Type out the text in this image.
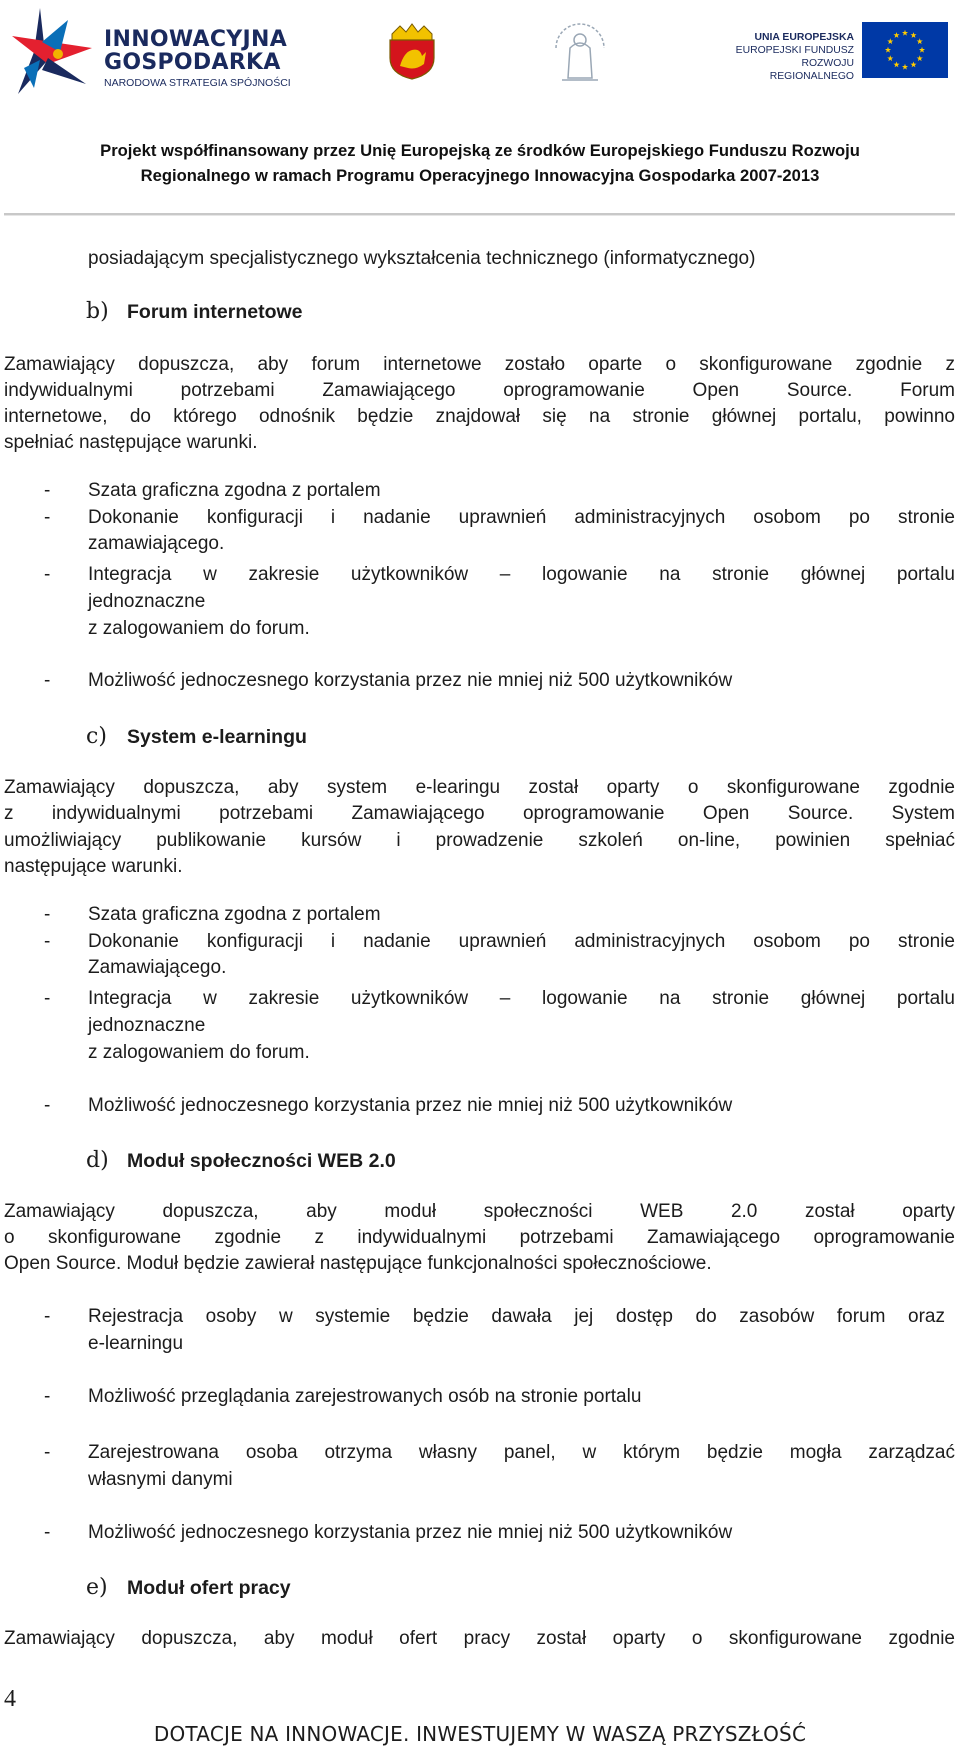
INNOWACYJNA
GOSPODARKA
NARODOWA STRATEGIA SPÓJNOŚCI
UNIA EUROPEJSKA
EUROPEJSKI FUNDUSZ
ROZWOJU REGIONALNEGO
Projekt współfinansowany przez Unię Europejską ze środków Europejskiego Funduszu Rozwoju
Regionalnego w ramach Programu Operacyjnego Innowacyjna Gospodarka 2007-2013
posiadającym specjalistycznego wykształcenia technicznego (informatycznego)
b) Forum internetowe
Zamawiający dopuszcza, aby forum internetowe zostało oparte o skonfigurowane zgodnie z
indywidualnymi potrzebami Zamawiającego oprogramowanie Open Source. Forum
internetowe, do którego odnośnik będzie znajdował się na stronie głównej portalu, powinno
spełniać następujące warunki.
- Szata graficzna zgodna z portalem
- Dokonanie konfiguracji i nadanie uprawnień administracyjnych osobom po stronie
zamawiającego.
- Integracja w zakresie użytkowników – logowanie na stronie głównej portalu
jednoznaczne
z zalogowaniem do forum.
- Możliwość jednoczesnego korzystania przez nie mniej niż 500 użytkowników
c) System e-learningu
Zamawiający dopuszcza, aby system e-learingu został oparty o skonfigurowane zgodnie
z indywidualnymi potrzebami Zamawiającego oprogramowanie Open Source. System
umożliwiający publikowanie kursów i prowadzenie szkoleń on-line, powinien spełniać
następujące warunki.
- Szata graficzna zgodna z portalem
- Dokonanie konfiguracji i nadanie uprawnień administracyjnych osobom po stronie
Zamawiającego.
- Integracja w zakresie użytkowników – logowanie na stronie głównej portalu
jednoznaczne
z zalogowaniem do forum.
- Możliwość jednoczesnego korzystania przez nie mniej niż 500 użytkowników
d) Moduł społeczności WEB 2.0
Zamawiający dopuszcza, aby moduł społeczności WEB 2.0 został oparty
o skonfigurowane zgodnie z indywidualnymi potrzebami Zamawiającego oprogramowanie
Open Source. Moduł będzie zawierał następujące funkcjonalności społecznościowe.
- Rejestracja osoby w systemie będzie dawała jej dostęp do zasobów forum oraz
e-learningu
- Możliwość przeglądania zarejestrowanych osób na stronie portalu
- Zarejestrowana osoba otrzyma własny panel, w którym będzie mogła zarządzać
własnymi danymi
- Możliwość jednoczesnego korzystania przez nie mniej niż 500 użytkowników
e) Moduł ofert pracy
Zamawiający dopuszcza, aby moduł ofert pracy został oparty o skonfigurowane zgodnie
4
DOTACJE NA INNOWACJE. INWESTUJEMY W WASZĄ PRZYSZŁOŚĆ
